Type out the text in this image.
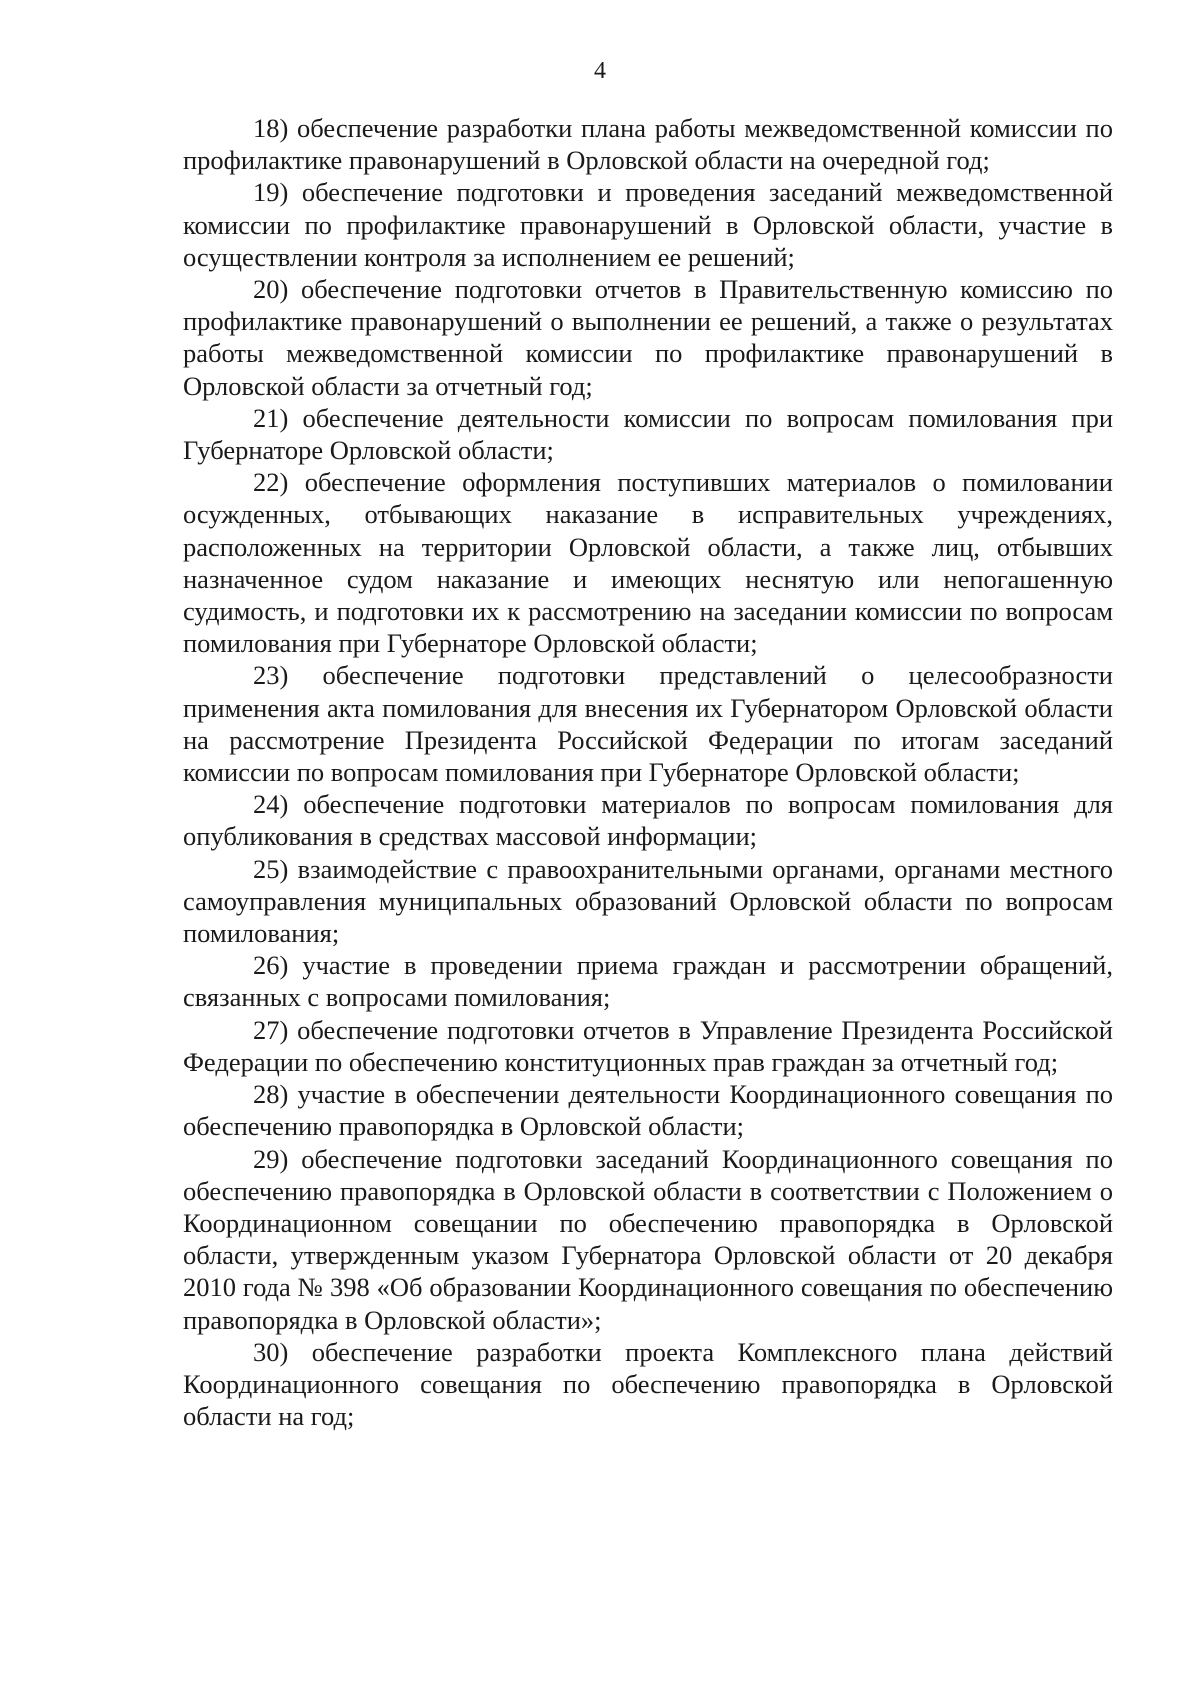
4

18) обеспечение разработки плана работы межведомственной комиссии по профилактике правонарушений в Орловской области на очередной год;

19) обеспечение подготовки и проведения заседаний межведомственной комиссии по профилактике правонарушений в Орловской области, участие в осуществлении контроля за исполнением ее решений;

20) обеспечение подготовки отчетов в Правительственную комиссию по профилактике правонарушений о выполнении ее решений, а также о результатах работы межведомственной комиссии по профилактике правонарушений в Орловской области за отчетный год;

21) обеспечение деятельности комиссии по вопросам помилования при Губернаторе Орловской области;

22) обеспечение оформления поступивших материалов о помиловании осужденных, отбывающих наказание в исправительных учреждениях, расположенных на территории Орловской области, а также лиц, отбывших назначенное судом наказание и имеющих неснятую или непогашенную судимость, и подготовки их к рассмотрению на заседании комиссии по вопросам помилования при Губернаторе Орловской области;

23) обеспечение подготовки представлений о целесообразности применения акта помилования для внесения их Губернатором Орловской области на рассмотрение Президента Российской Федерации по итогам заседаний комиссии по вопросам помилования при Губернаторе Орловской области;

24) обеспечение подготовки материалов по вопросам помилования для опубликования в средствах массовой информации;

25) взаимодействие с правоохранительными органами, органами местного самоуправления муниципальных образований Орловской области по вопросам помилования;

26) участие в проведении приема граждан и рассмотрении обращений, связанных с вопросами помилования;

27) обеспечение подготовки отчетов в Управление Президента Российской Федерации по обеспечению конституционных прав граждан за отчетный год;

28) участие в обеспечении деятельности Координационного совещания по обеспечению правопорядка в Орловской области;

29) обеспечение подготовки заседаний Координационного совещания по обеспечению правопорядка в Орловской области в соответствии с Положением о Координационном совещании по обеспечению правопорядка в Орловской области, утвержденным указом Губернатора Орловской области от 20 декабря 2010 года № 398 «Об образовании Координационного совещания по обеспечению правопорядка в Орловской области»;

30) обеспечение разработки проекта Комплексного плана действий Координационного совещания по обеспечению правопорядка в Орловской области на год;
